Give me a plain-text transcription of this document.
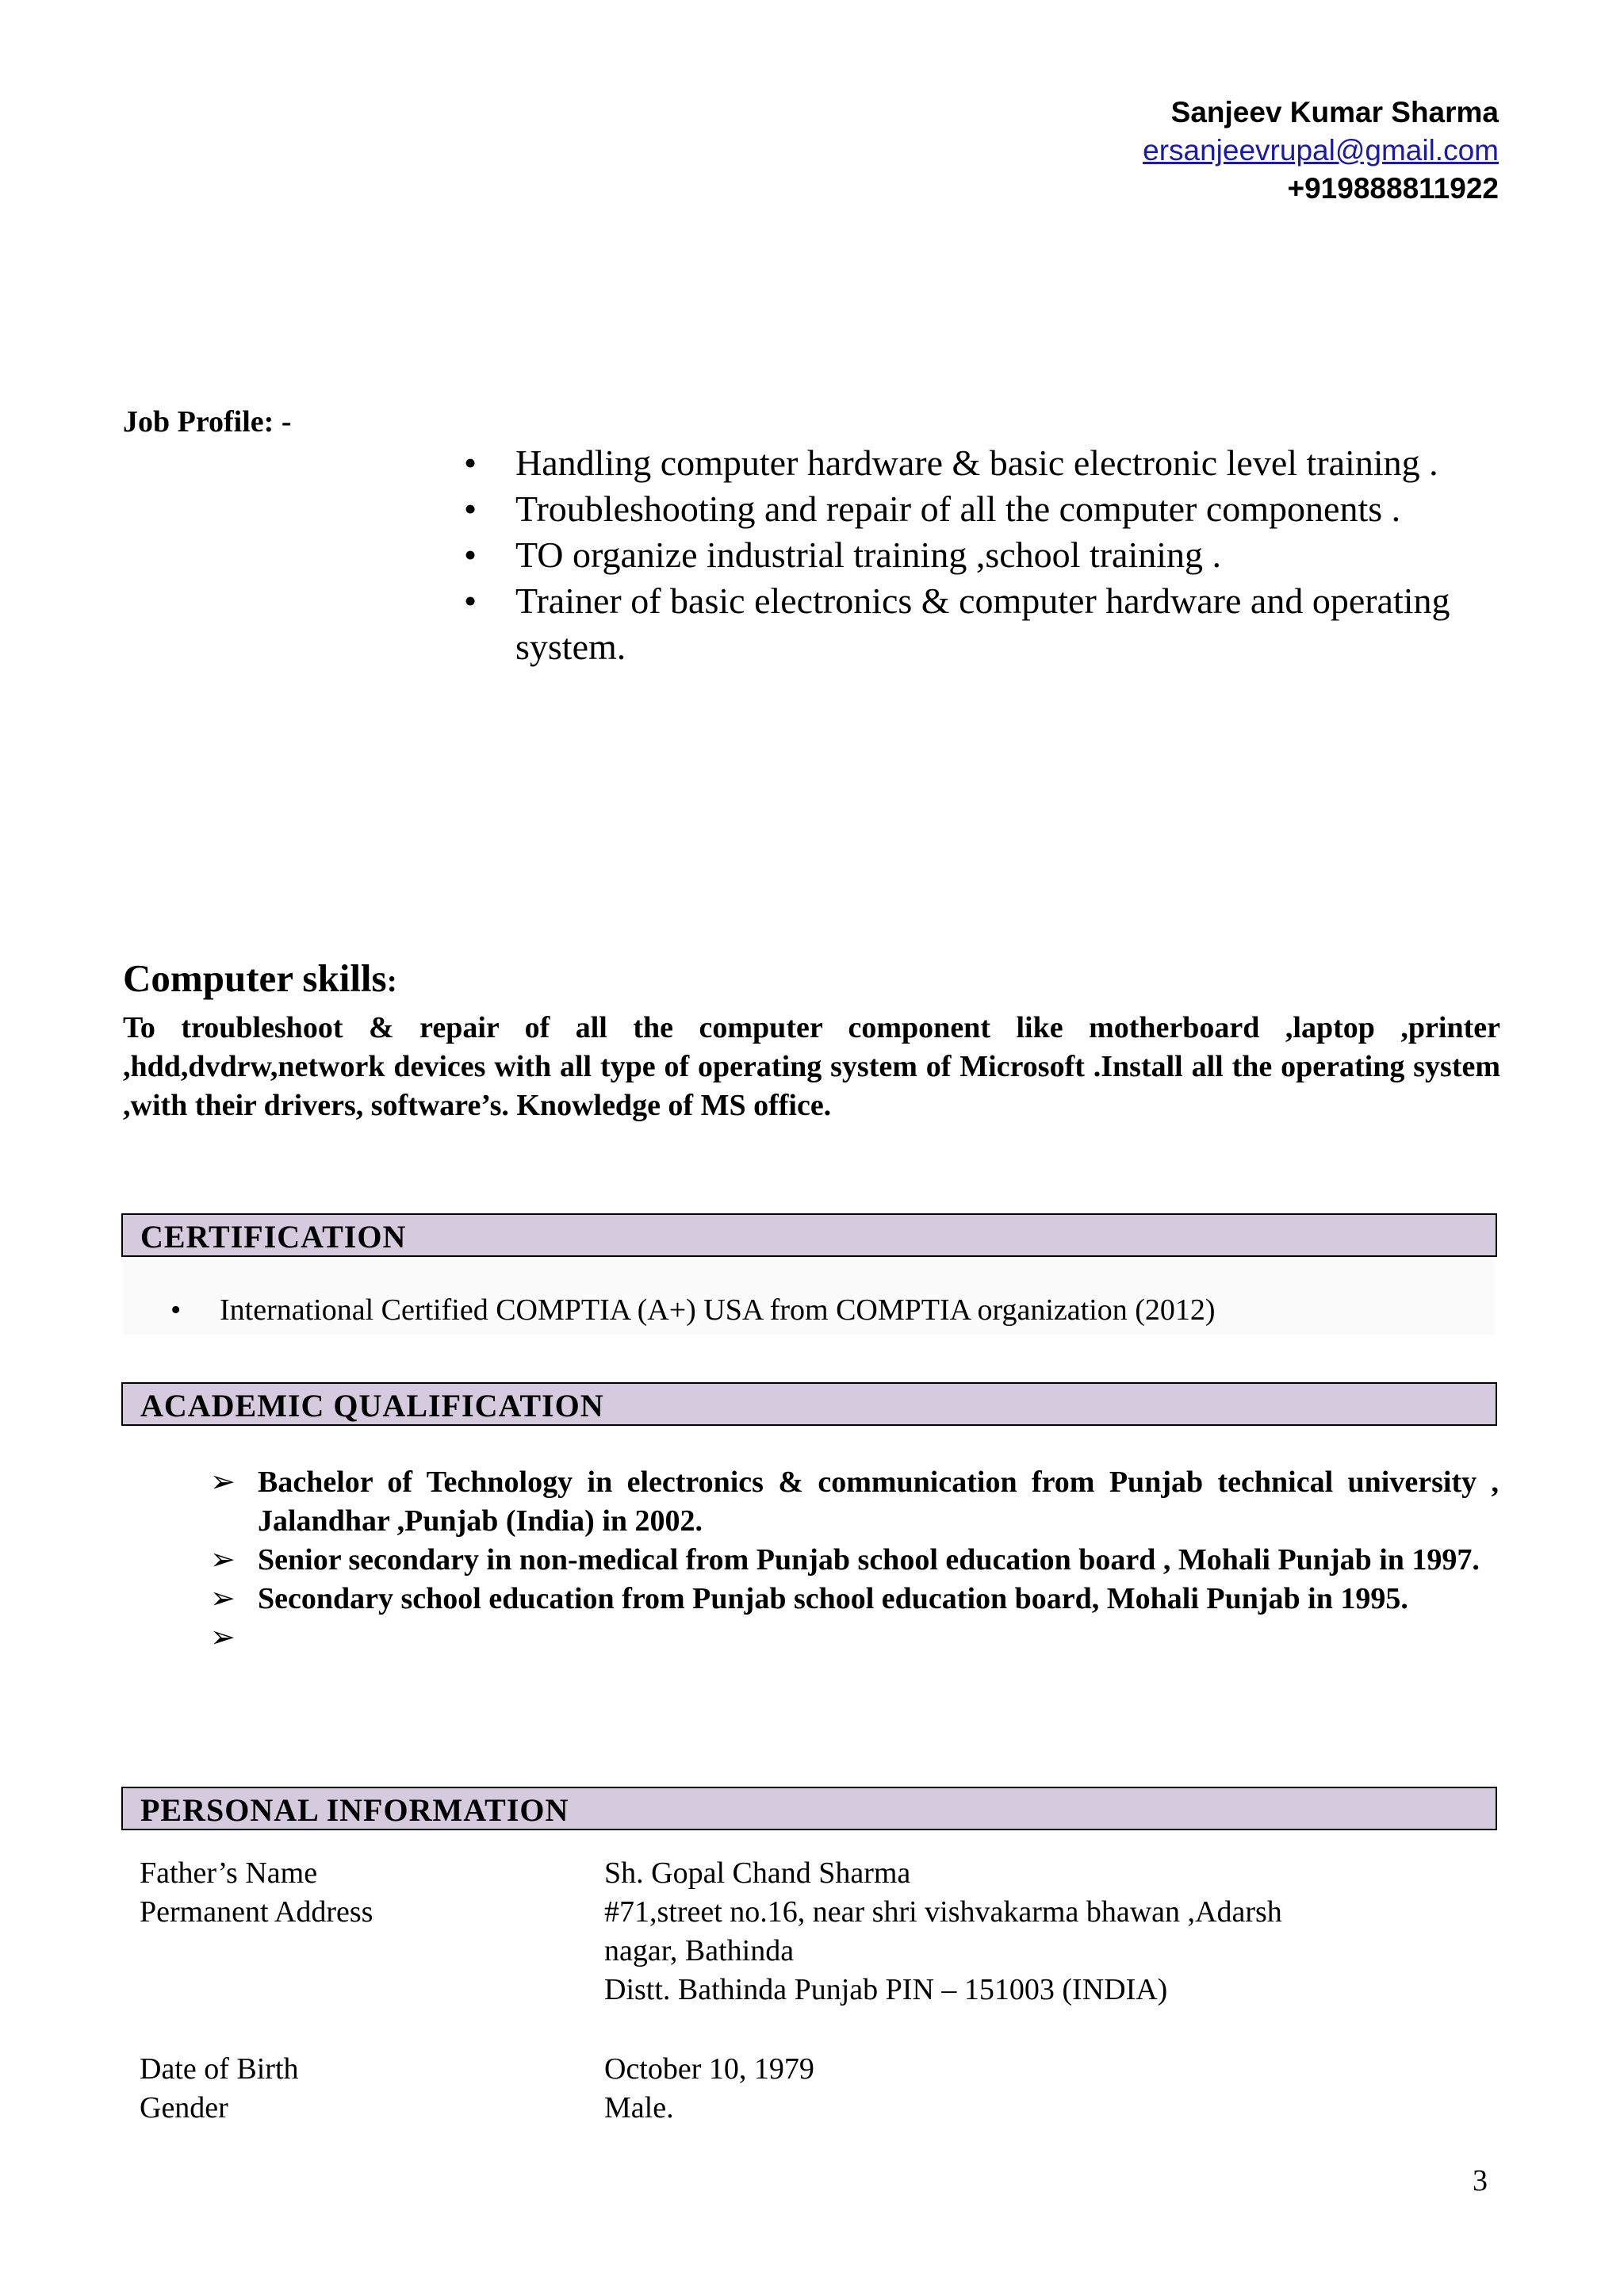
Sanjeev Kumar Sharma
ersanjeevrupal@gmail.com
+919888811922
Job Profile: -
•	Handling computer hardware & basic electronic level training .
•	Troubleshooting and repair of all the computer components .
•	TO organize industrial training ,school training .
•	Trainer of basic electronics & computer hardware and operating system.
Computer skills:
To troubleshoot & repair of all the computer component like motherboard ,laptop ,printer ,hdd,dvdrw,network devices with all type of operating system of Microsoft .Install all the operating system ,with their drivers, software’s. Knowledge of MS office.
CERTIFICATION
• International Certified COMPTIA (A+) USA from COMPTIA organization (2012)
ACADEMIC QUALIFICATION
➢ Bachelor of Technology in electronics & communication from Punjab technical university , Jalandhar ,Punjab (India) in 2002.
➢ Senior secondary in non-medical from Punjab school education board , Mohali Punjab in 1997.
➢ Secondary school education from Punjab school education board, Mohali Punjab in 1995.
➢
PERSONAL INFORMATION
Father’s Name	Sh. Gopal Chand Sharma
Permanent Address	#71,street no.16, near shri vishvakarma bhawan ,Adarsh
nagar, Bathinda
Distt. Bathinda Punjab PIN – 151003 (INDIA)
Date of Birth	October 10, 1979
Gender	Male.
3
